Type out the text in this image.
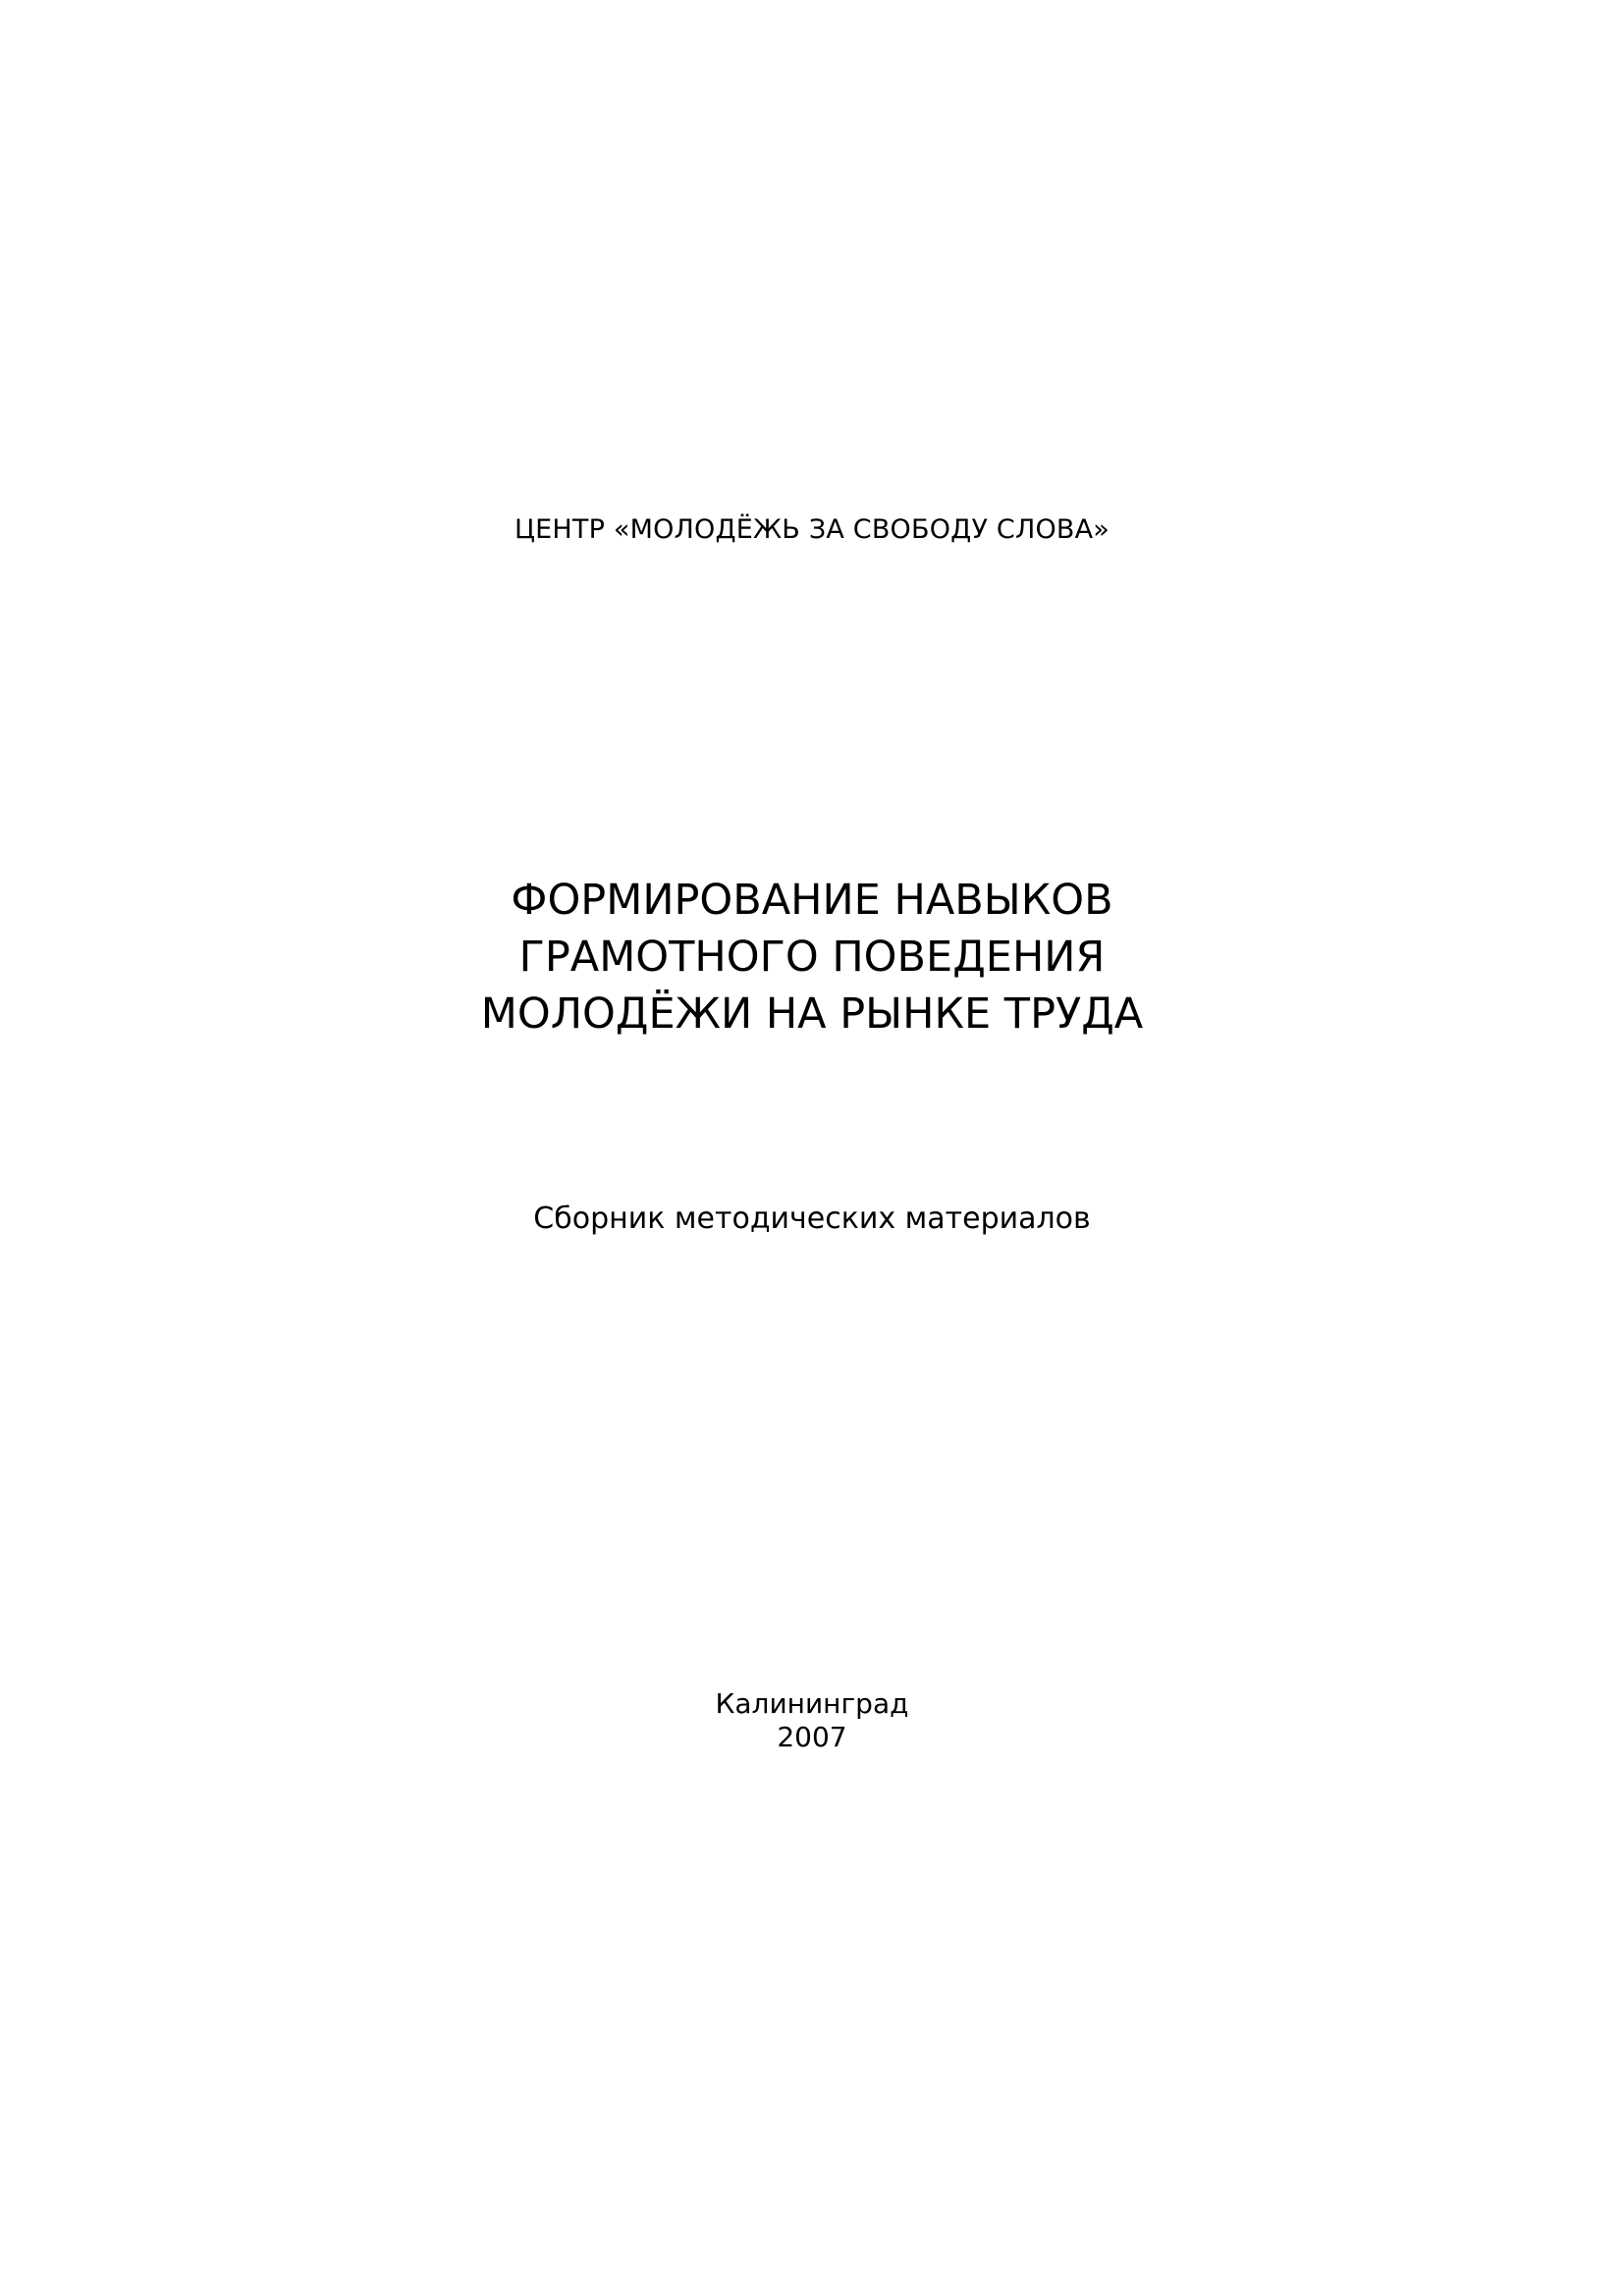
ЦЕНТР «МОЛОДЁЖЬ ЗА СВОБОДУ СЛОВА»

ФОРМИРОВАНИЕ НАВЫКОВ
ГРАМОТНОГО ПОВЕДЕНИЯ
МОЛОДЁЖИ НА РЫНКЕ ТРУДА

Сборник методических материалов

Калининград

2007
